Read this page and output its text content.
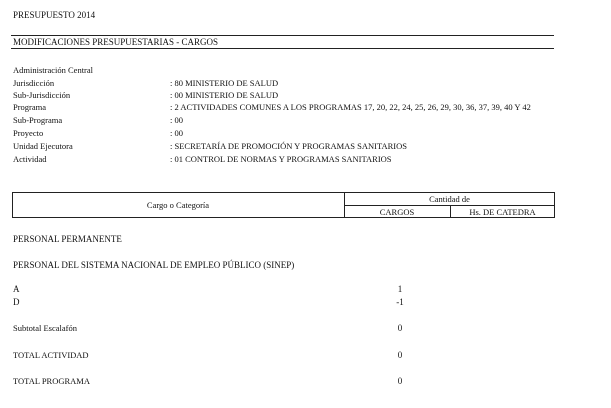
PRESUPUESTO 2014
MODIFICACIONES PRESUPUESTARIAS - CARGOS
Administración Central
Jurisdicción	: 80 MINISTERIO DE SALUD
Sub-Jurisdicción	: 00 MINISTERIO DE SALUD
Programa	: 2 ACTIVIDADES COMUNES A LOS PROGRAMAS 17, 20, 22, 24, 25, 26, 29, 30, 36, 37, 39, 40 Y 42
Sub-Programa	: 00
Proyecto	: 00
Unidad Ejecutora	: SECRETARÍA DE PROMOCIÓN Y PROGRAMAS SANITARIOS
Actividad	: 01 CONTROL DE NORMAS Y PROGRAMAS SANITARIOS
Cargo o Categoría
Cantidad de
CARGOS	Hs. DE CATEDRA
PERSONAL PERMANENTE
PERSONAL DEL SISTEMA NACIONAL DE EMPLEO PÚBLICO (SINEP)
A	1
D	-1
Subtotal Escalafón	0
TOTAL ACTIVIDAD	0
TOTAL PROGRAMA	0
